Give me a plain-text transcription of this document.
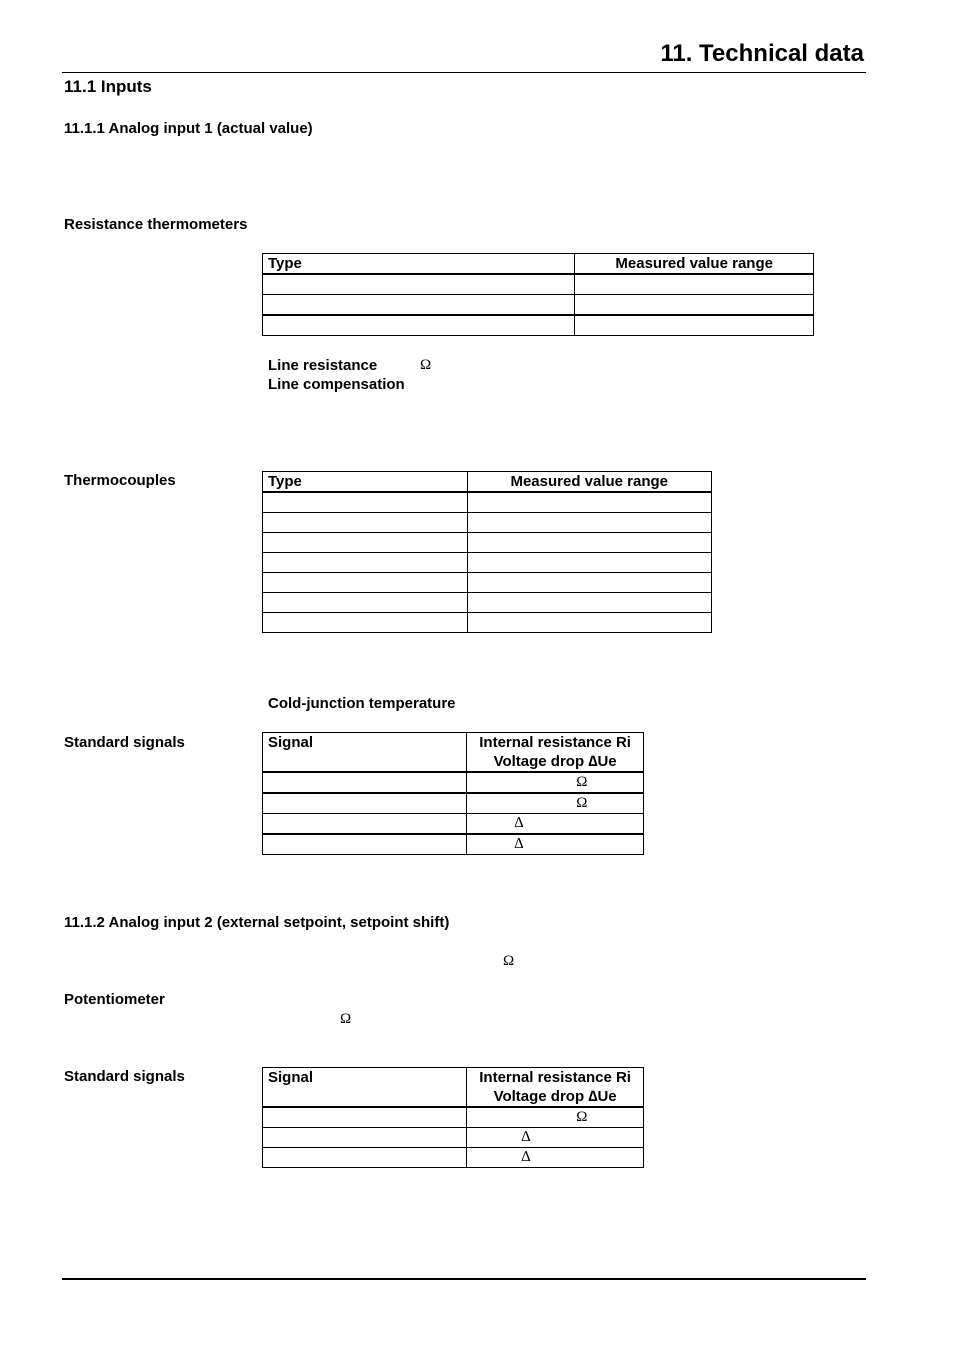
11. Technical data
11.1 Inputs
11.1.1 Analog input 1 (actual value)
Resistance thermometers
Type	Measured value range

Line resistance	Ω
Line compensation
Thermocouples	Type	Measured value range

Cold-junction temperature
Standard signals	Signal	Internal resistance Ri
Voltage drop ∆Ue

	Ω
	Ω
	∆
	∆
11.1.2 Analog input 2 (external setpoint, setpoint shift)
Ω
Potentiometer
Ω
Standard signals	Signal	Internal resistance Ri
Voltage drop ∆Ue

	Ω
	∆
	∆
